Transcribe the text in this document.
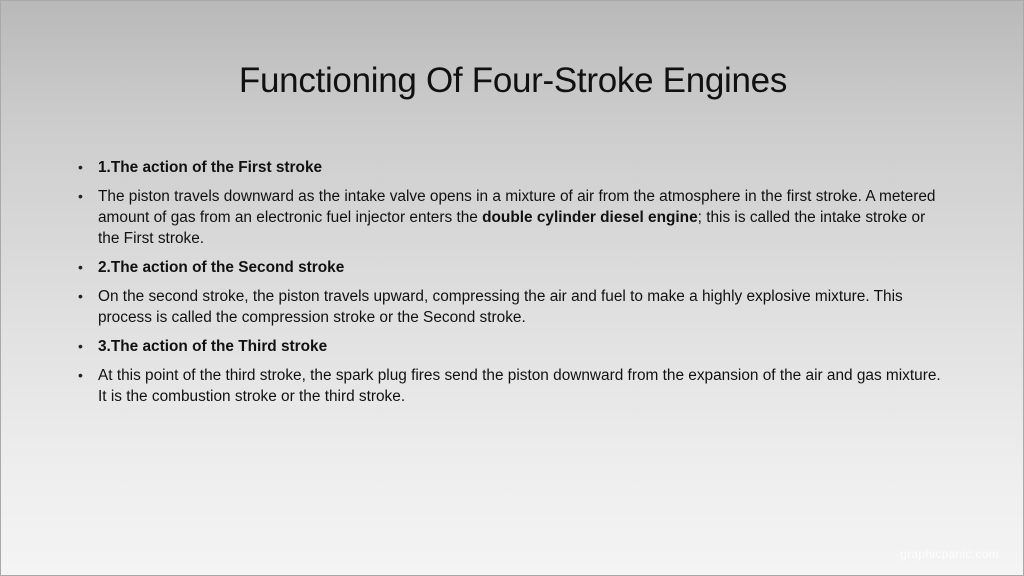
Functioning Of Four-Stroke Engines
• 1.The action of the First stroke
• The piston travels downward as the intake valve opens in a mixture of air from the atmosphere in the first stroke. A metered amount of gas from an electronic fuel injector enters the double cylinder diesel engine; this is called the intake stroke or the First stroke.
• 2.The action of the Second stroke
• On the second stroke, the piston travels upward, compressing the air and fuel to make a highly explosive mixture. This process is called the compression stroke or the Second stroke.
• 3.The action of the Third stroke
• At this point of the third stroke, the spark plug fires send the piston downward from the expansion of the air and gas mixture. It is the combustion stroke or the third stroke.
graphicpanic.com
